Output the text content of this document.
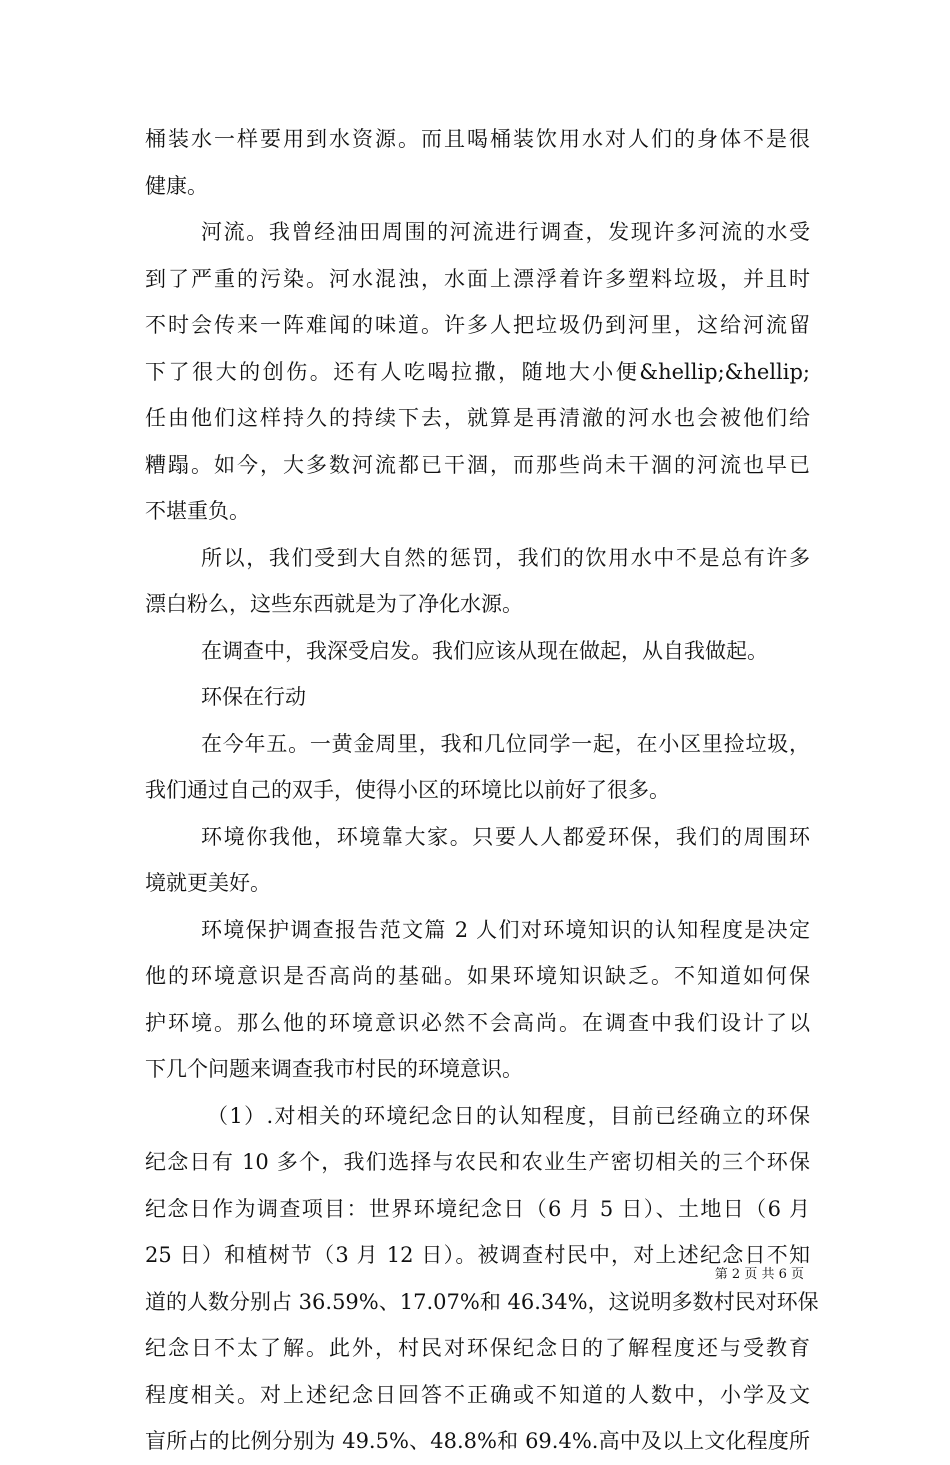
桶装水一样要用到水资源。而且喝桶装饮用水对人们的身体不是很
健康。
河流。我曾经油田周围的河流进行调查，发现许多河流的水受
到了严重的污染。河水混浊，水面上漂浮着许多塑料垃圾，并且时
不时会传来一阵难闻的味道。许多人把垃圾仍到河里，这给河流留
下了很大的创伤。还有人吃喝拉撒，随地大小便&hellip;&hellip;
任由他们这样持久的持续下去，就算是再清澈的河水也会被他们给
糟蹋。如今，大多数河流都已干涸，而那些尚未干涸的河流也早已
不堪重负。
所以，我们受到大自然的惩罚，我们的饮用水中不是总有许多
漂白粉么，这些东西就是为了净化水源。
在调查中，我深受启发。我们应该从现在做起，从自我做起。
环保在行动
在今年五。一黄金周里，我和几位同学一起，在小区里捡垃圾，
我们通过自己的双手，使得小区的环境比以前好了很多。
环境你我他，环境靠大家。只要人人都爱环保，我们的周围环
境就更美好。
环境保护调查报告范文篇 2 人们对环境知识的认知程度是决定
他的环境意识是否高尚的基础。如果环境知识缺乏。不知道如何保
护环境。那么他的环境意识必然不会高尚。在调查中我们设计了以
下几个问题来调查我市村民的环境意识。
（1）.对相关的环境纪念日的认知程度，目前已经确立的环保
纪念日有 10 多个，我们选择与农民和农业生产密切相关的三个环保
纪念日作为调查项目：世界环境纪念日（6 月 5 日）、土地日（6 月
25 日）和植树节（3 月 12 日）。被调查村民中，对上述纪念日不知
道的人数分别占 36.59%、17.07%和 46.34%，这说明多数村民对环保
纪念日不太了解。此外，村民对环保纪念日的了解程度还与受教育
程度相关。对上述纪念日回答不正确或不知道的人数中，小学及文
盲所占的比例分别为 49.5%、48.8%和 69.4%.高中及以上文化程度所
第 2 页 共 6 页
